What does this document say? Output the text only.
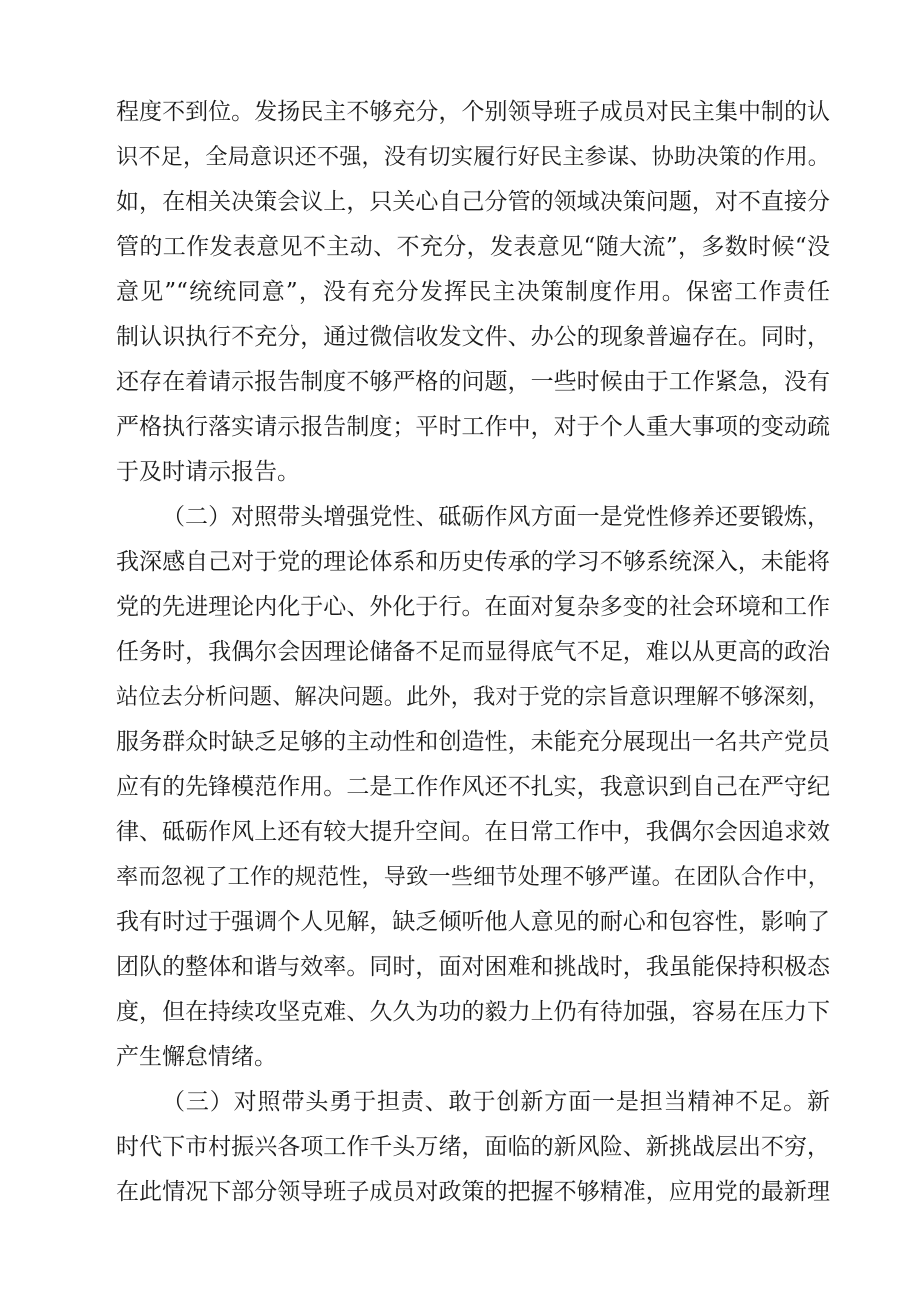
程度不到位。发扬民主不够充分，个别领导班子成员对民主集中制的认
识不足，全局意识还不强，没有切实履行好民主参谋、协助决策的作用。
如，在相关决策会议上，只关心自己分管的领域决策问题，对不直接分
管的工作发表意见不主动、不充分，发表意见“随大流”，多数时候“没
意见”“统统同意”，没有充分发挥民主决策制度作用。保密工作责任
制认识执行不充分，通过微信收发文件、办公的现象普遍存在。同时，
还存在着请示报告制度不够严格的问题，一些时候由于工作紧急，没有
严格执行落实请示报告制度；平时工作中，对于个人重大事项的变动疏
于及时请示报告。
（二）对照带头增强党性、砥砺作风方面一是党性修养还要锻炼，
我深感自己对于党的理论体系和历史传承的学习不够系统深入，未能将
党的先进理论内化于心、外化于行。在面对复杂多变的社会环境和工作
任务时，我偶尔会因理论储备不足而显得底气不足，难以从更高的政治
站位去分析问题、解决问题。此外，我对于党的宗旨意识理解不够深刻，
服务群众时缺乏足够的主动性和创造性，未能充分展现出一名共产党员
应有的先锋模范作用。二是工作作风还不扎实，我意识到自己在严守纪
律、砥砺作风上还有较大提升空间。在日常工作中，我偶尔会因追求效
率而忽视了工作的规范性，导致一些细节处理不够严谨。在团队合作中，
我有时过于强调个人见解，缺乏倾听他人意见的耐心和包容性，影响了
团队的整体和谐与效率。同时，面对困难和挑战时，我虽能保持积极态
度，但在持续攻坚克难、久久为功的毅力上仍有待加强，容易在压力下
产生懈怠情绪。
（三）对照带头勇于担责、敢于创新方面一是担当精神不足。新
时代下市村振兴各项工作千头万绪，面临的新风险、新挑战层出不穷，
在此情况下部分领导班子成员对政策的把握不够精准，应用党的最新理
